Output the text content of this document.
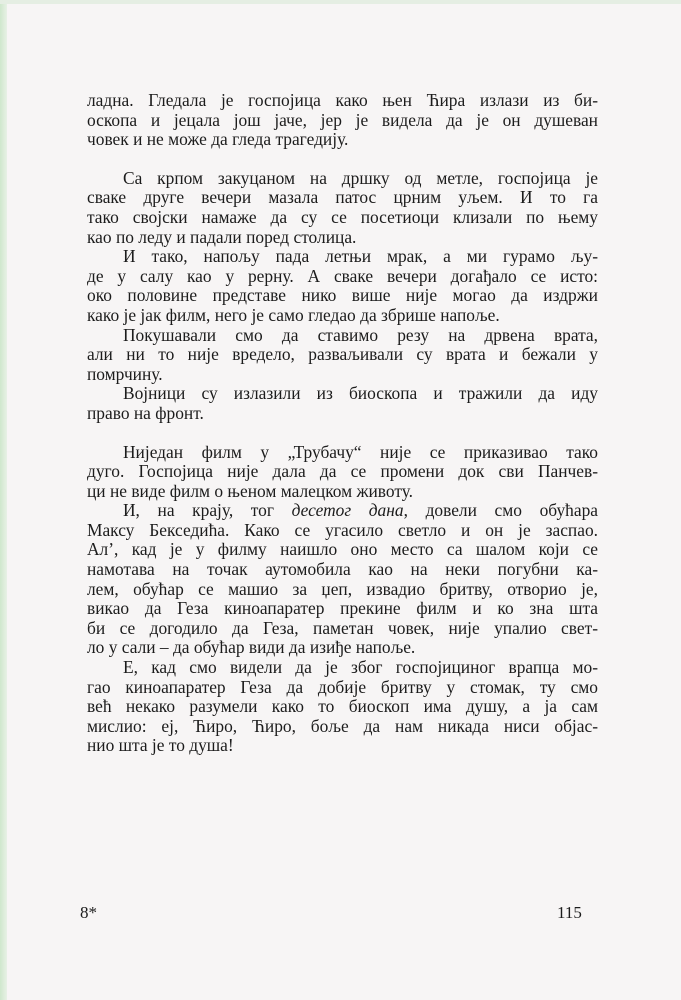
ладна. Гледала је госпојица како њен Ћира излази из би-
оскопа и јецала још јаче, јер је видела да је он душеван
човек и не може да гледа трагедију.
Са крпом закуцаном на дршку од метле, госпојица је
сваке друге вечери мазала патос црним уљем. И то га
тако својски намаже да су се посетиоци клизали по њему
као по леду и падали поред столица.
И тако, напољу пада летњи мрак, а ми гурамо љу-
де у салу као у рерну. А сваке вечери догађало се исто:
око половине представе нико више није могао да издржи
како је јак филм, него је само гледао да збрише напоље.
Покушавали смо да ставимо резу на дрвена врата,
али ни то није вредело, разваљивали су врата и бежали у
помрчину.
Војници су излазили из биоскопа и тражили да иду
право на фронт.
Ниједан филм у „Трубачу“ није се приказивао тако
дуго. Госпојица није дала да се промени док сви Панчев-
ци не виде филм о њеном малецком животу.
И, на крају, тог десетог дана, довели смо обућара
Максу Бекседића. Како се угасило светло и он је заспао.
Ал’, кад је у филму наишло оно место са шалом који се
намотава на точак аутомобила као на неки погубни ка-
лем, обућар се машио за џеп, извадио бритву, отворио је,
викао да Геза киноапаратер прекине филм и ко зна шта
би се догодило да Геза, паметан човек, није упалио свет-
ло у сали – да обућар види да изиђе напоље.
Е, кад смо видели да је због госпојициног врапца мо-
гао киноапаратер Геза да добије бритву у стомак, ту смо
већ некако разумели како то биоскоп има душу, а ја сам
мислио: еј, Ћиро, Ћиро, боље да нам никада ниси објас-
нио шта је то душа!
8*	115
